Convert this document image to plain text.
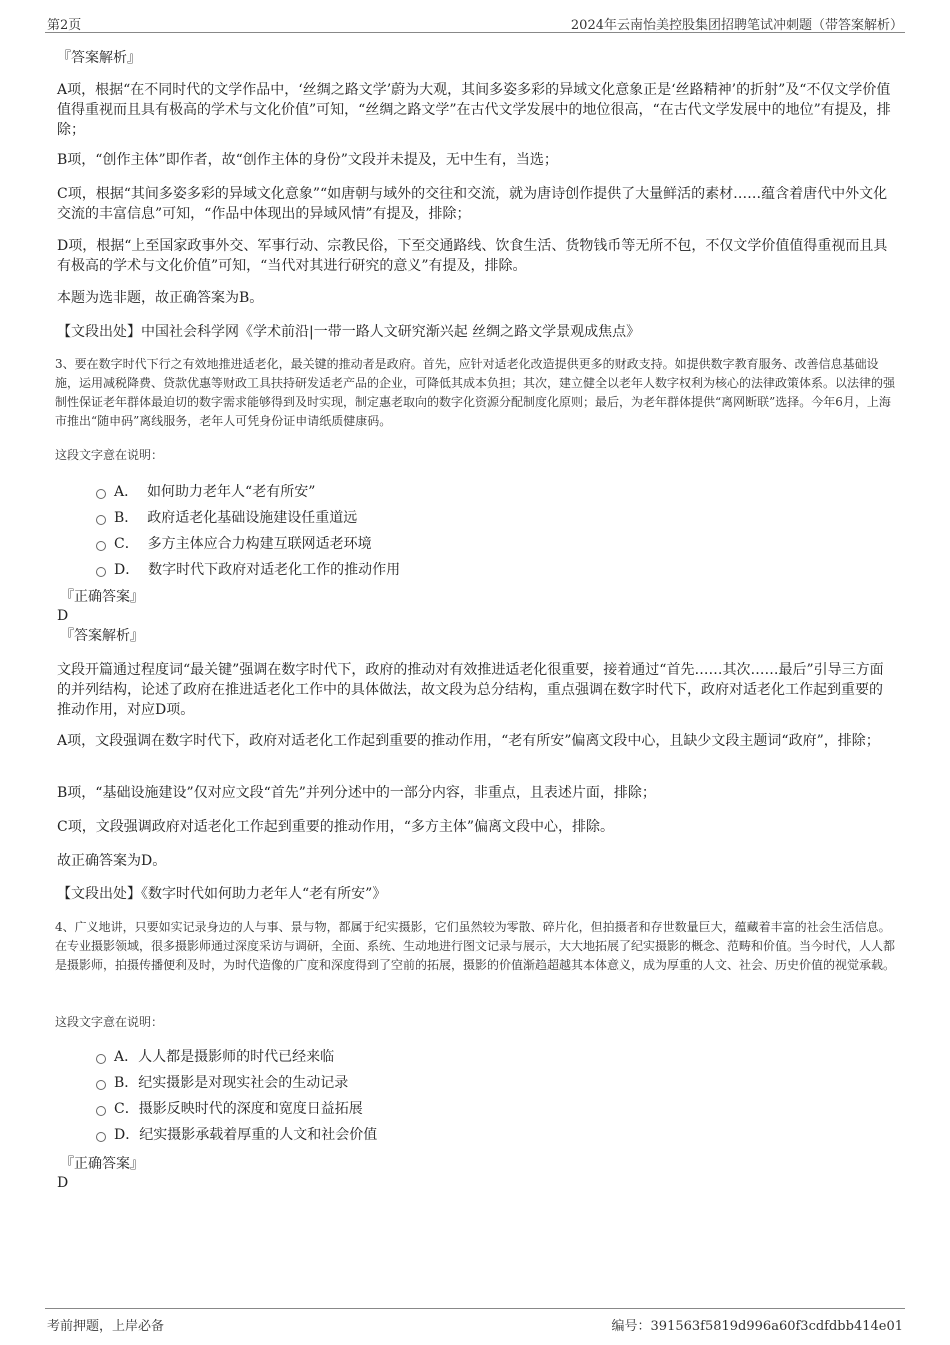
第2页	2024年云南怡美控股集团招聘笔试冲刺题（带答案解析）
『答案解析』
A项，根据“在不同时代的文学作品中，‘丝绸之路文学’蔚为大观，其间多姿多彩的异域文化意象正是‘丝路精神’的折射”及“不仅文学价值值得重视而且具有极高的学术与文化价值”可知，“丝绸之路文学”在古代文学发展中的地位很高，“在古代文学发展中的地位”有提及，排除；
B项，“创作主体”即作者，故“创作主体的身份”文段并未提及，无中生有，当选；
C项，根据“其间多姿多彩的异域文化意象”“如唐朝与域外的交往和交流，就为唐诗创作提供了大量鲜活的素材……蕴含着唐代中外文化交流的丰富信息”可知，“作品中体现出的异域风情”有提及，排除；
D项，根据“上至国家政事外交、军事行动、宗教民俗，下至交通路线、饮食生活、货物钱币等无所不包，不仅文学价值值得重视而且具有极高的学术与文化价值”可知，“当代对其进行研究的意义”有提及，排除。
本题为选非题，故正确答案为B。
【文段出处】中国社会科学网《学术前沿|一带一路人文研究渐兴起 丝绸之路文学景观成焦点》
3、要在数字时代下行之有效地推进适老化，最关键的推动者是政府。首先，应针对适老化改造提供更多的财政支持。如提供数字教育服务、改善信息基础设施，运用减税降费、贷款优惠等财政工具扶持研发适老产品的企业，可降低其成本负担；其次，建立健全以老年人数字权利为核心的法律政策体系。以法律的强制性保证老年群体最迫切的数字需求能够得到及时实现，制定惠老取向的数字化资源分配制度化原则；最后，为老年群体提供“离网断联”选择。今年6月，上海市推出“随申码”离线服务，老年人可凭身份证申请纸质健康码。
这段文字意在说明：
A． 如何助力老年人“老有所安”
B． 政府适老化基础设施建设任重道远
C． 多方主体应合力构建互联网适老环境
D． 数字时代下政府对适老化工作的推动作用
『正确答案』
D
『答案解析』
文段开篇通过程度词“最关键”强调在数字时代下，政府的推动对有效推进适老化很重要，接着通过“首先……其次……最后”引导三方面的并列结构，论述了政府在推进适老化工作中的具体做法，故文段为总分结构，重点强调在数字时代下，政府对适老化工作起到重要的推动作用，对应D项。
A项，文段强调在数字时代下，政府对适老化工作起到重要的推动作用，“老有所安”偏离文段中心，且缺少文段主题词“政府”，排除；
B项，“基础设施建设”仅对应文段“首先”并列分述中的一部分内容，非重点，且表述片面，排除；
C项，文段强调政府对适老化工作起到重要的推动作用，“多方主体”偏离文段中心，排除。
故正确答案为D。
【文段出处】《数字时代如何助力老年人“老有所安”》
4、广义地讲，只要如实记录身边的人与事、景与物，都属于纪实摄影，它们虽然较为零散、碎片化，但拍摄者和存世数量巨大，蕴藏着丰富的社会生活信息。在专业摄影领域，很多摄影师通过深度采访与调研，全面、系统、生动地进行图文记录与展示，大大地拓展了纪实摄影的概念、范畴和价值。当今时代，人人都是摄影师，拍摄传播便利及时，为时代造像的广度和深度得到了空前的拓展，摄影的价值渐趋超越其本体意义，成为厚重的人文、社会、历史价值的视觉承载。
这段文字意在说明：
A．人人都是摄影师的时代已经来临
B．纪实摄影是对现实社会的生动记录
C．摄影反映时代的深度和宽度日益拓展
D．纪实摄影承载着厚重的人文和社会价值
『正确答案』
D
考前押题，上岸必备	编号：391563f5819d996a60f3cdfdbb414e01
